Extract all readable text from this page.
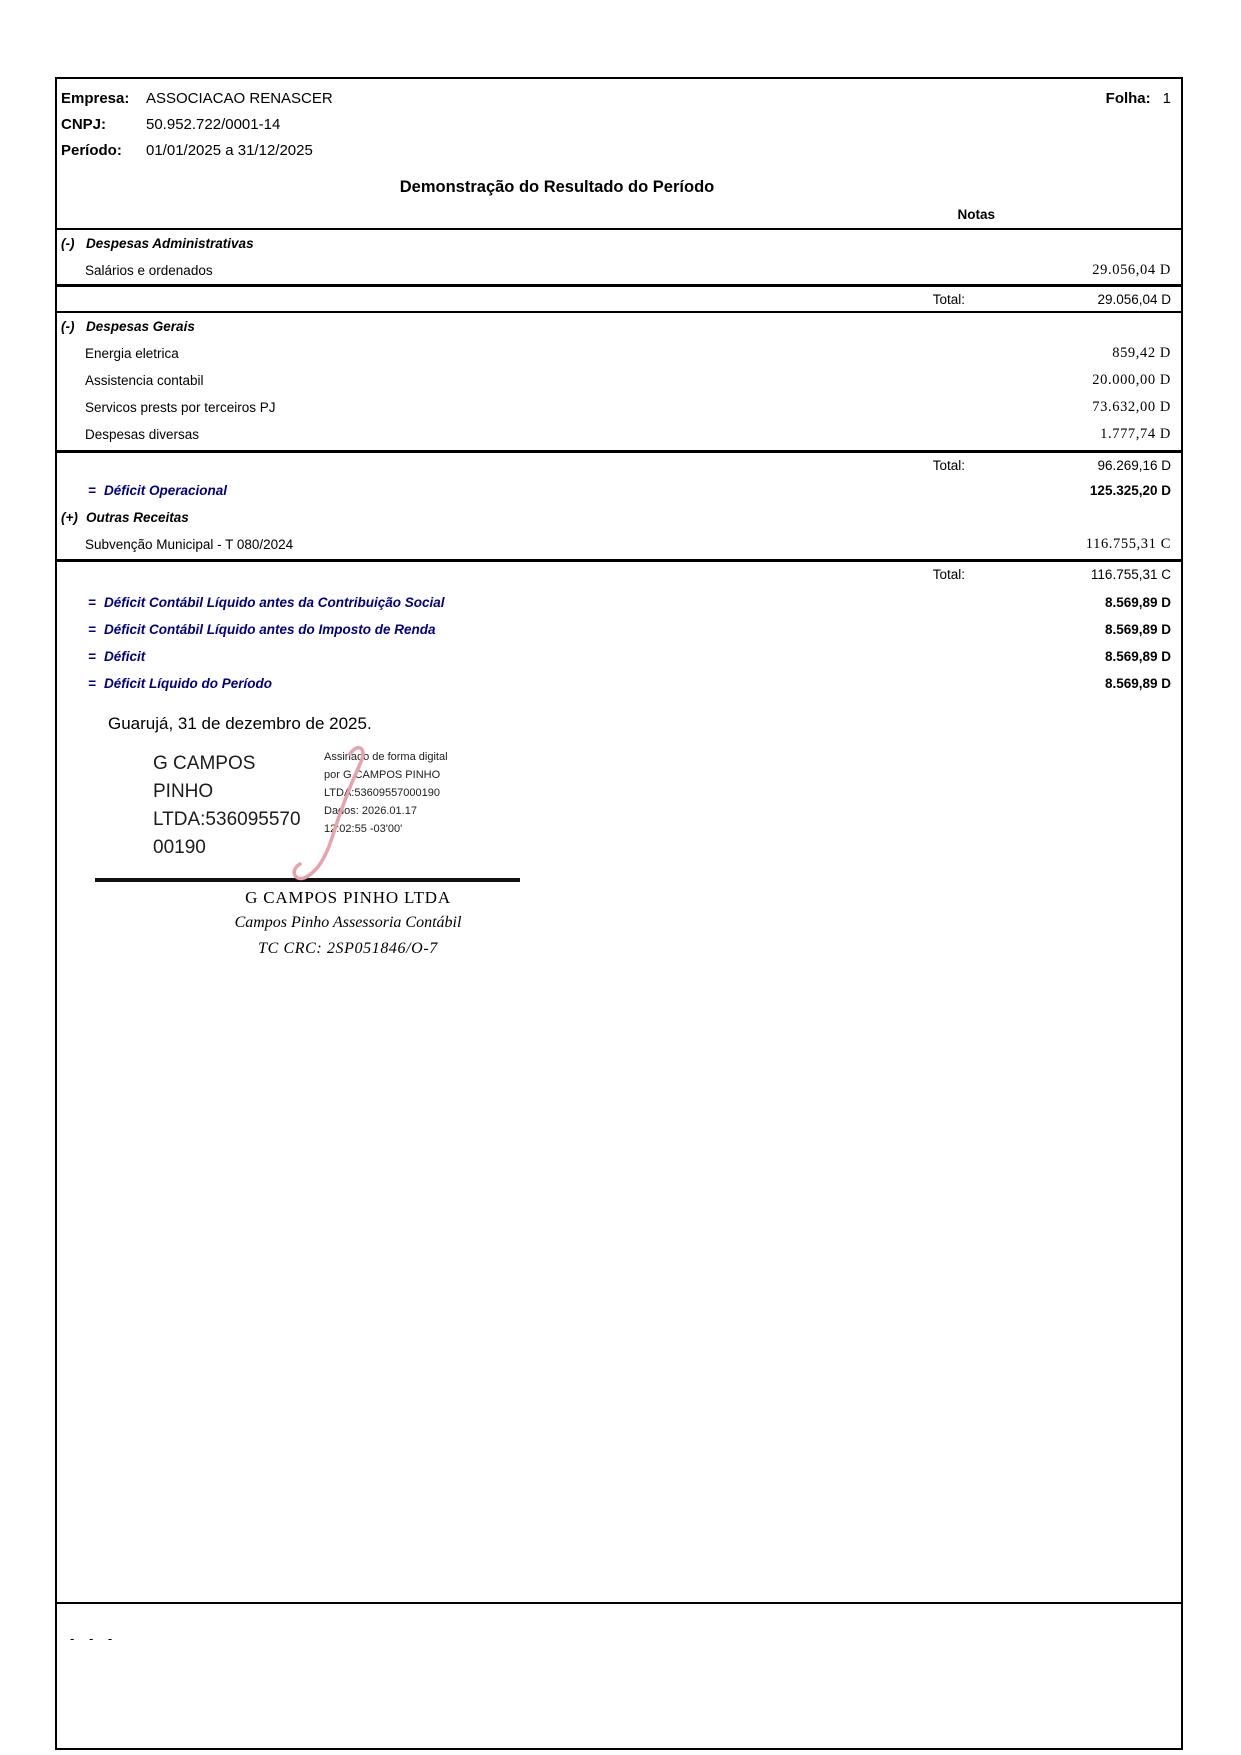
Empresa:	ASSOCIACAO RENASCER	Folha: 1
CNPJ:	50.952.722/0001-14
Período:	01/01/2025 a 31/12/2025
Demonstração do Resultado do Período
Notas
(-) Despesas Administrativas
Salários e ordenados	29.056,04 D
Total:	29.056,04 D
(-) Despesas Gerais
Energia eletrica	859,42 D
Assistencia contabil	20.000,00 D
Servicos prests por terceiros PJ	73.632,00 D
Despesas diversas	1.777,74 D
Total:	96.269,16 D
= Déficit Operacional	125.325,20 D
(+) Outras Receitas
Subvenção Municipal - T 080/2024	116.755,31 C
Total:	116.755,31 C
= Déficit Contábil Líquido antes da Contribuição Social	8.569,89 D
= Déficit Contábil Líquido antes do Imposto de Renda	8.569,89 D
= Déficit	8.569,89 D
= Déficit Líquido do Período	8.569,89 D
Guarujá, 31 de dezembro de 2025.
G CAMPOS PINHO
LTDA:536095570
00190
Assinado de forma digital
por G CAMPOS PINHO
LTDA:53609557000190
Dados: 2026.01.17
12:02:55 -03'00'
G CAMPOS PINHO LTDA
Campos Pinho Assessoria Contábil
TC CRC: 2SP051846/O-7
- - -
